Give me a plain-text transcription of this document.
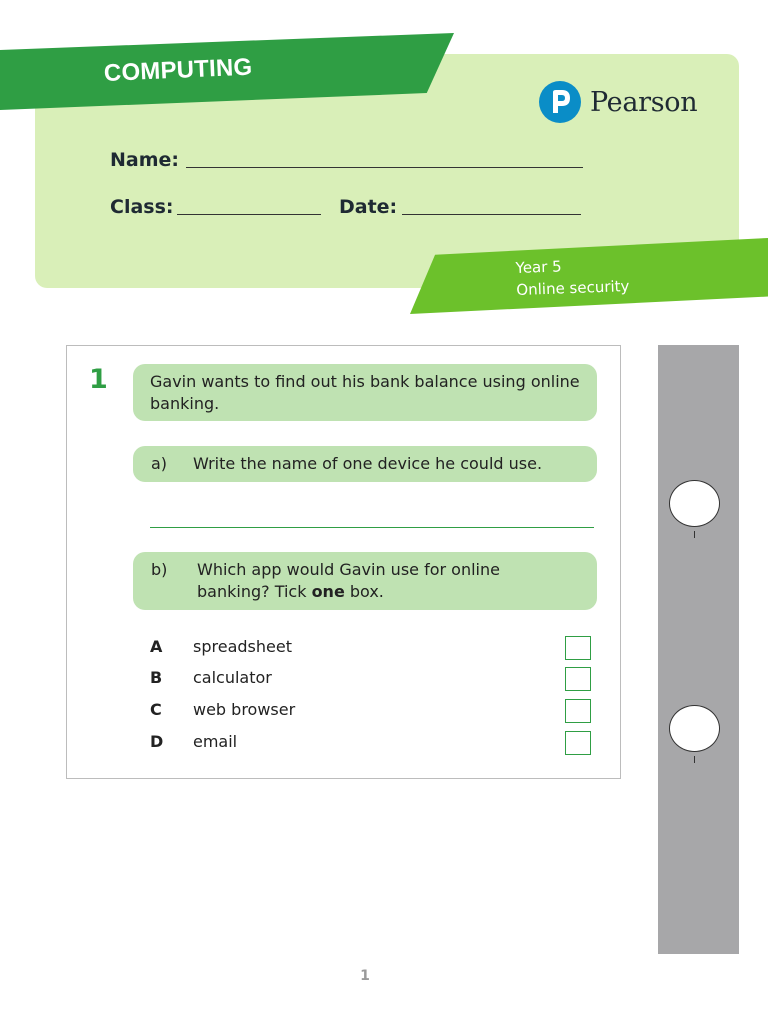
COMPUTING
Pearson
Name:
Class:	Date:
Year 5
Online security
1	Gavin wants to find out his bank balance using online banking.
a) Write the name of one device he could use.
b) Which app would Gavin use for online
banking? Tick one box.
A spreadsheet
B calculator
C web browser
D email
1
